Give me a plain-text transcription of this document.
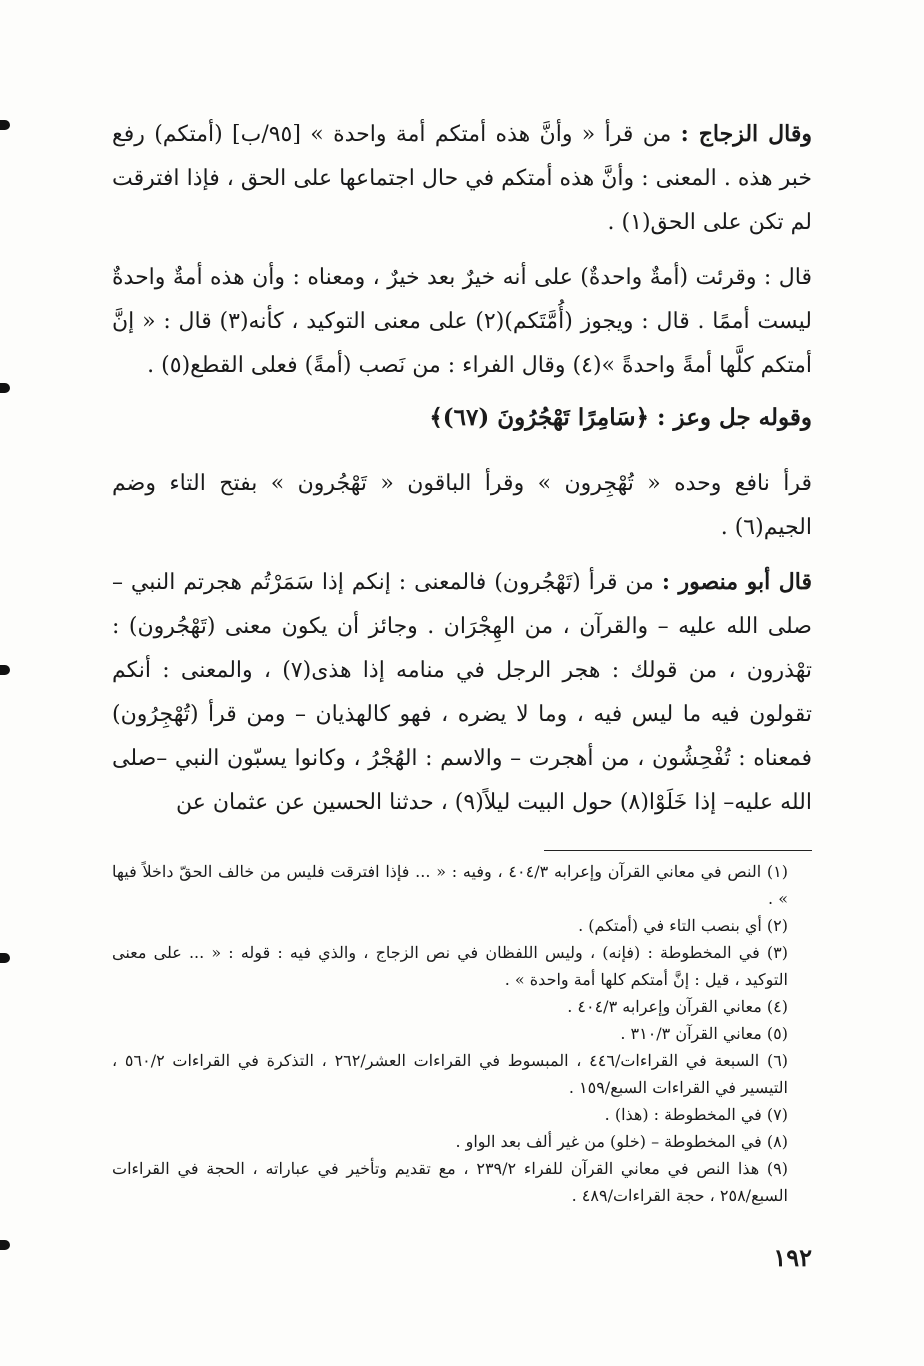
وقال الزجاج : من قرأ « وأنَّ هذه أمتكم أمة واحدة » [٩٥/ب] (أمتكم) رفع خبر هذه . المعنى : وأنَّ هذه أمتكم في حال اجتماعها على الحق ، فإذا افترقت لم تكن على الحق(١) .

قال : وقرئت (أمةٌ واحدةٌ) على أنه خيرٌ بعد خيرٌ ، ومعناه : وأن هذه أمةٌ واحدةٌ ليست أممًا . قال : ويجوز (أُمَّتَكم)(٢) على معنى التوكيد ، كأنه(٣) قال : « إنَّ أمتكم كلَّها أمةً واحدةً »(٤) وقال الفراء : من نَصب (أمةً) فعلى القطع(٥) .

وقوله جل وعز : ﴿سَامِرًا تَهْجُرُونَ (٦٧)﴾

قرأ نافع وحده « تُهْجِرون » وقرأ الباقون « تَهْجُرون » بفتح التاء وضم الجيم(٦) .

قال أبو منصور : من قرأ (تَهْجُرون) فالمعنى : إنكم إذا سَمَرْتُم هجرتم النبي – صلى الله عليه – والقرآن ، من الهِجْرَان . وجائز أن يكون معنى (تَهْجُرون) : تهْذرون ، من قولك : هجر الرجل في منامه إذا هذى(٧) ، والمعنى : أنكم تقولون فيه ما ليس فيه ، وما لا يضره ، فهو كالهذيان – ومن قرأ (تُهْجِرُون) فمعناه : تُفْحِشُون ، من أهجرت – والاسم : الهُجْرُ ، وكانوا يسبّون النبي –صلى الله عليه– إذا خَلَوْا(٨) حول البيت ليلاً(٩) ، حدثنا الحسين عن عثمان عن

(١) النص في معاني القرآن وإعرابه ٤٠٤/٣ ، وفيه : « ... فإذا افترقت فليس من خالف الحقّ داخلاً فيها » .

(٢) أي بنصب التاء في (أمتكم) .

(٣) في المخطوطة : (فإنه) ، وليس اللفظان في نص الزجاج ، والذي فيه : قوله : « ... على معنى التوكيد ، قيل : إنَّ أمتكم كلها أمة واحدة » .

(٤) معاني القرآن وإعرابه ٤٠٤/٣ .

(٥) معاني القرآن ٣١٠/٣ .

(٦) السبعة في القراءات/٤٤٦ ، المبسوط في القراءات العشر/٢٦٢ ، التذكرة في القراءات ٥٦٠/٢ ، التيسير في القراءات السبع/١٥٩ .

(٧) في المخطوطة : (هذا) .

(٨) في المخطوطة – (خلو) من غير ألف بعد الواو .

(٩) هذا النص في معاني القرآن للفراء ٢٣٩/٢ ، مع تقديم وتأخير في عباراته ، الحجة في القراءات السبع/٢٥٨ ، حجة القراءات/٤٨٩ .

١٩٢
